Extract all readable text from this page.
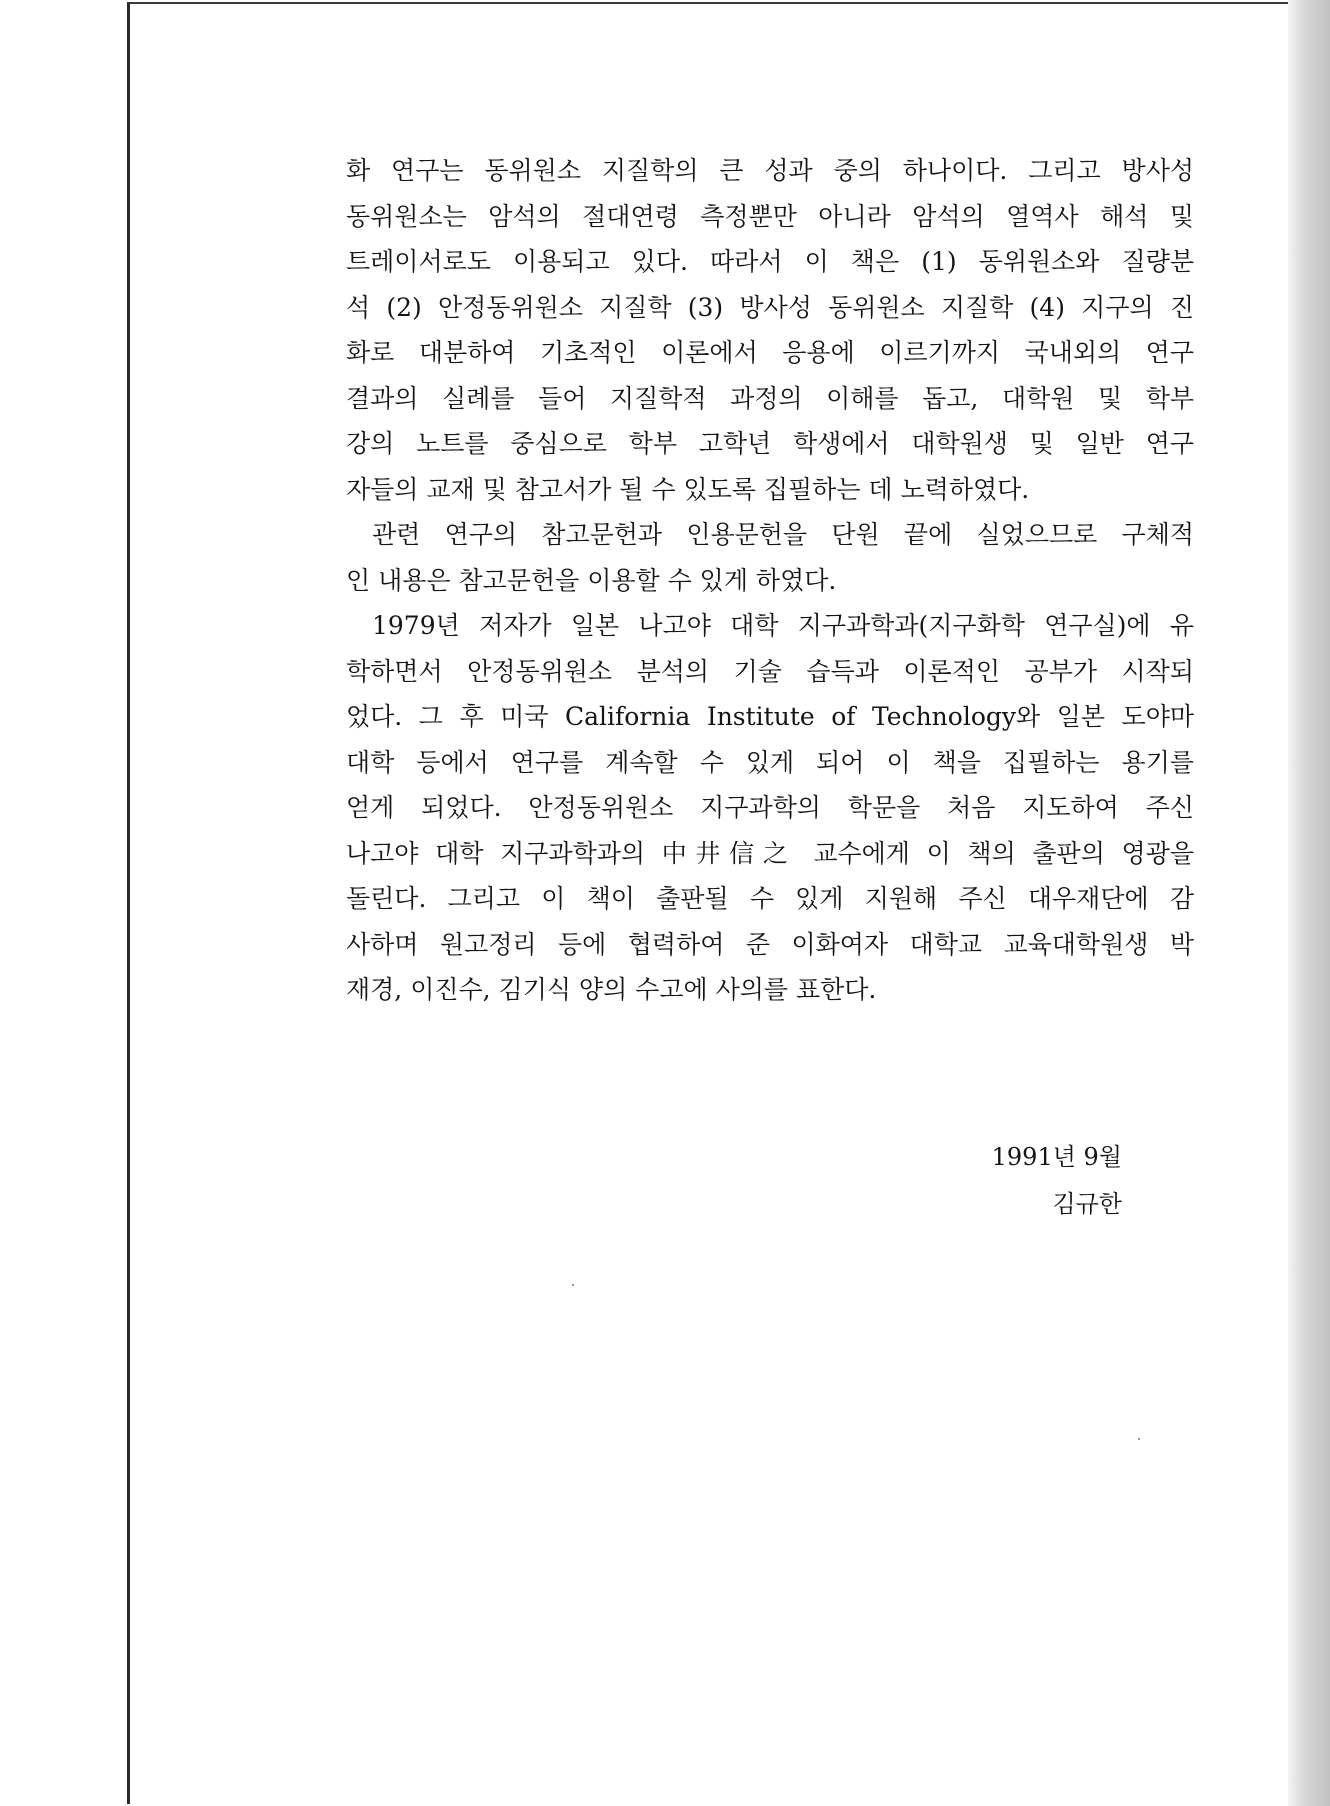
화 연구는 동위원소 지질학의 큰 성과 중의 하나이다. 그리고 방사성
동위원소는 암석의 절대연령 측정뿐만 아니라 암석의 열역사 해석 및
트레이서로도 이용되고 있다. 따라서 이 책은 (1) 동위원소와 질량분
석 (2) 안정동위원소 지질학 (3) 방사성 동위원소 지질학 (4) 지구의 진
화로 대분하여 기초적인 이론에서 응용에 이르기까지 국내외의 연구
결과의 실례를 들어 지질학적 과정의 이해를 돕고, 대학원 및 학부
강의 노트를 중심으로 학부 고학년 학생에서 대학원생 및 일반 연구
자들의 교재 및 참고서가 될 수 있도록 집필하는 데 노력하였다.
관련 연구의 참고문헌과 인용문헌을 단원 끝에 실었으므로 구체적
인 내용은 참고문헌을 이용할 수 있게 하였다.
1979년 저자가 일본 나고야 대학 지구과학과(지구화학 연구실)에 유
학하면서 안정동위원소 분석의 기술 습득과 이론적인 공부가 시작되
었다. 그 후 미국 California Institute of Technology와 일본 도야마
대학 등에서 연구를 계속할 수 있게 되어 이 책을 집필하는 용기를
얻게 되었다. 안정동위원소 지구과학의 학문을 처음 지도하여 주신
나고야 대학 지구과학과의 中井信之 교수에게 이 책의 출판의 영광을
돌린다. 그리고 이 책이 출판될 수 있게 지원해 주신 대우재단에 감
사하며 원고정리 등에 협력하여 준 이화여자 대학교 교육대학원생 박
재경, 이진수, 김기식 양의 수고에 사의를 표한다.
1991년 9월
김규한
